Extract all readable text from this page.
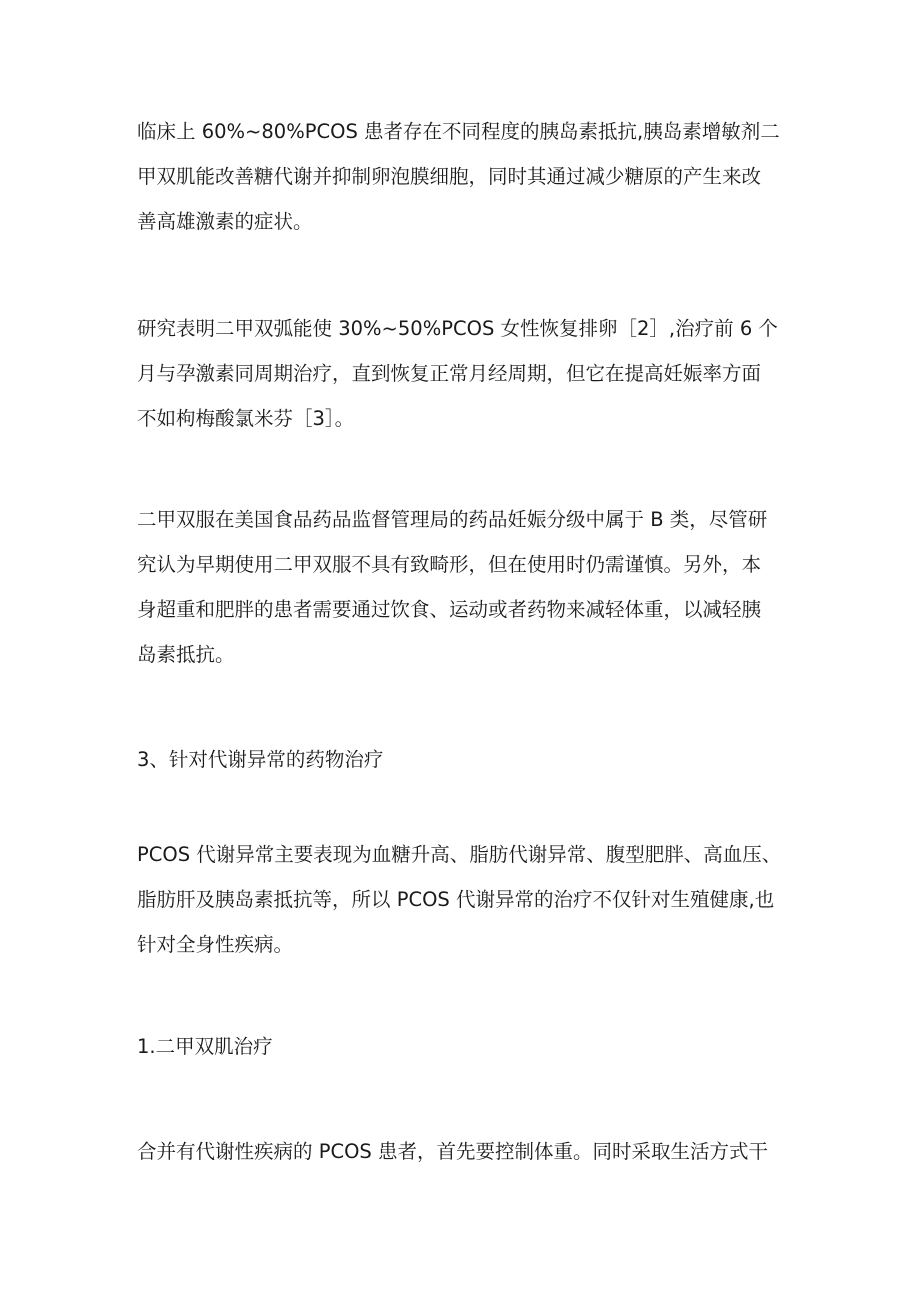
临床上 60%~80%PCOS 患者存在不同程度的胰岛素抵抗,胰岛素增敏剂二
甲双肌能改善糖代谢并抑制卵泡膜细胞，同时其通过减少糖原的产生来改
善高雄激素的症状。

研究表明二甲双弧能使 30%~50%PCOS 女性恢复排卵［2］,治疗前 6 个
月与孕激素同周期治疗，直到恢复正常月经周期，但它在提高妊娠率方面
不如枸梅酸氯米芬［3］。

二甲双服在美国食品药品监督管理局的药品妊娠分级中属于 B 类，尽管研
究认为早期使用二甲双服不具有致畸形，但在使用时仍需谨慎。另外，本
身超重和肥胖的患者需要通过饮食、运动或者药物来减轻体重，以减轻胰
岛素抵抗。

3、针对代谢异常的药物治疗

PCOS 代谢异常主要表现为血糖升高、脂肪代谢异常、腹型肥胖、高血压、
脂肪肝及胰岛素抵抗等，所以 PCOS 代谢异常的治疗不仅针对生殖健康,也
针对全身性疾病。

1.二甲双肌治疗

合并有代谢性疾病的 PCOS 患者，首先要控制体重。同时采取生活方式干
